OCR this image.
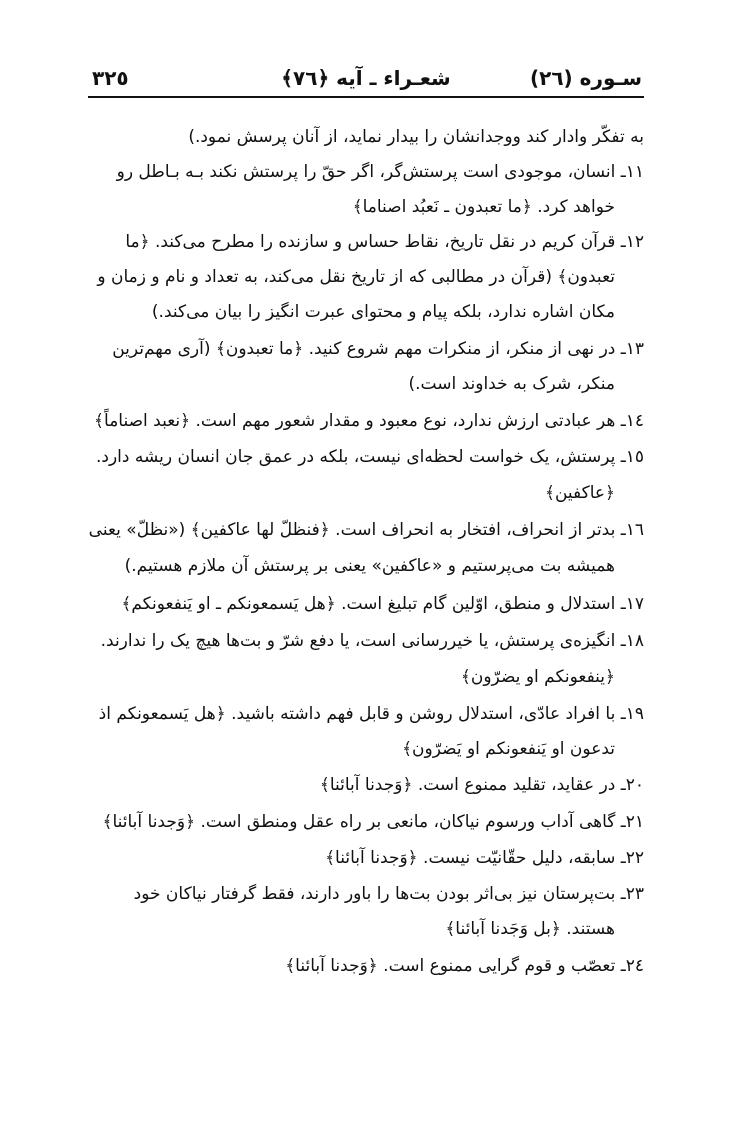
سـوره (٢٦)
شعـراء ـ آیه ﴿٧٦﴾
٣٢٥
به تفكّر وادار كند ووجدانشان را بیدار نماید، از آنان پرسش نمود.)
١١ـ انسان، موجودى است پرستش‌گر، اگر حقّ را پرستش نكند بـه بـاطل رو
خواهد كرد. ﴿ما تعبدون ـ نَعبُد اصناما﴾
١٢ـ قرآن كریم در نقل تاریخ، نقاط حساس و سازنده را مطرح مى‌كند. ﴿ما
تعبدون﴾ (قرآن در مطالبى كه از تاریخ نقل مى‌كند، به تعداد و نام و زمان و
مكان اشاره ندارد، بلكه پیام و محتواى عبرت انگیز را بیان مى‌كند.)
١٣ـ در نهى از منكر، از منكرات مهم شروع كنید. ﴿ما تعبدون﴾ (آرى مهم‌ترین
منكر، شرک به خداوند است.)
١٤ـ هر عبادتى ارزش ندارد، نوع معبود و مقدار شعور مهم است. ﴿نعبد اصناماً﴾
١٥ـ پرستش، یک خواست لحظه‌اى نیست، بلكه در عمق جان انسان ریشه دارد.
﴿عاكفین﴾
١٦ـ بدتر از انحراف، افتخار به انحراف است. ﴿فنظلّ لها عاكفین﴾ («نظلّ» یعنى
همیشه بت مى‌پرستیم و «عاكفین» یعنى بر پرستش آن ملازم هستیم.)
١٧ـ استدلال و منطق، اوّلین گام تبلیغ است. ﴿هل یَسمعونكم ـ او یَنفعونكم﴾
١٨ـ انگیزه‌ى پرستش، یا خیررسانى است، یا دفع شرّ و بت‌ها هیچ یک را ندارند.
﴿ینفعونكم او یضرّون﴾
١٩ـ با افراد عادّى، استدلال روشن و قابل فهم داشته باشید. ﴿هل یَسمعونكم اذ
تدعون او یَنفعونكم او یَضرّون﴾
٢٠ـ در عقاید، تقلید ممنوع است. ﴿وَجدنا آبائنا﴾
٢١ـ گاهى آداب ورسوم نیاكان، مانعى بر راه عقل ومنطق است. ﴿وَجدنا آبائنا﴾
٢٢ـ سابقه، دلیل حقّانیّت نیست. ﴿وَجدنا آبائنا﴾
٢٣ـ بت‌پرستان نیز بى‌اثر بودن بت‌ها را باور دارند، فقط گرفتار نیاكان خود
هستند. ﴿بل وَجَدنا آبائنا﴾
٢٤ـ تعصّب و قوم گرایى ممنوع است. ﴿وَجدنا آبائنا﴾
